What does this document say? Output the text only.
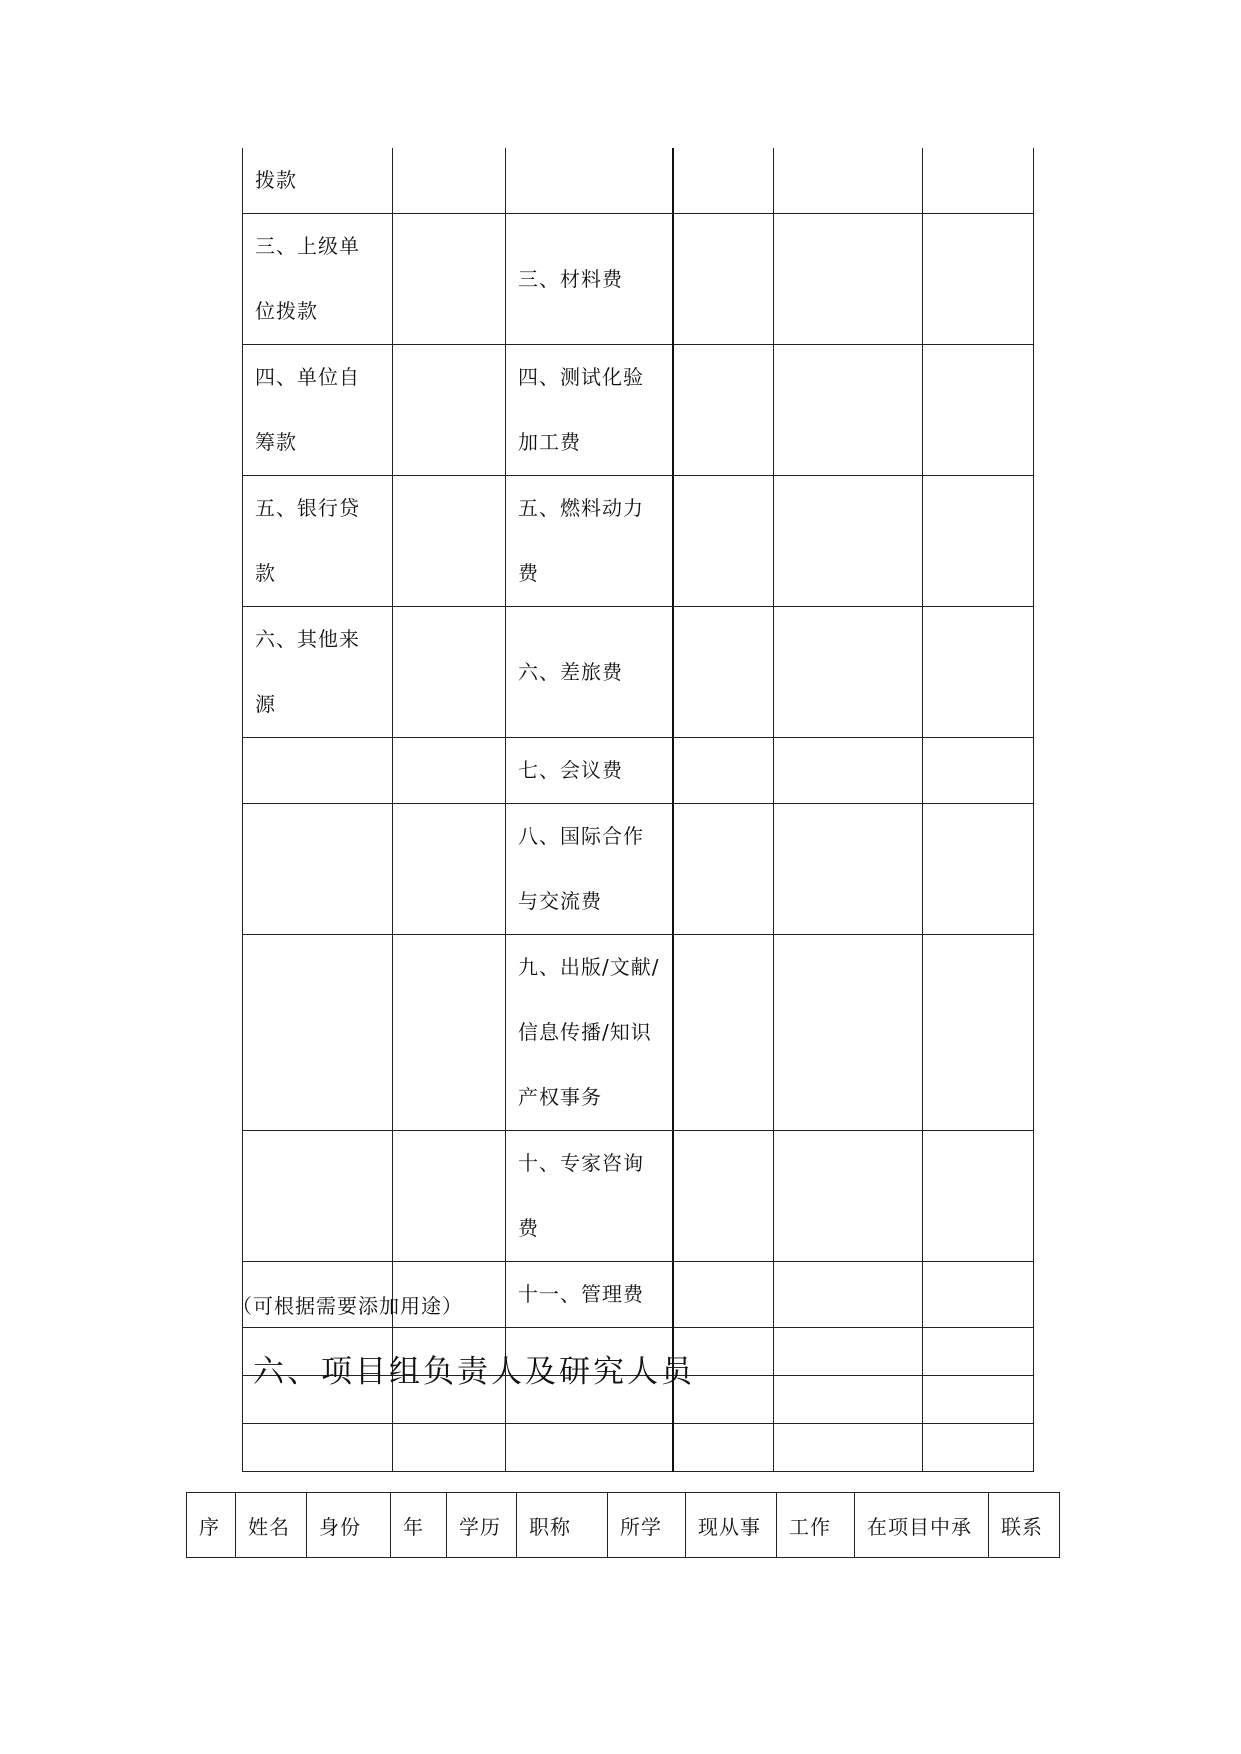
拨款					
三、上级单位拨款		三、材料费			
四、单位自筹款		四、测试化验加工费			
五、银行贷款		五、燃料动力费			
六、其他来源		六、差旅费			
		七、会议费			
		八、国际合作与交流费			
		九、出版/文献/信息传播/知识产权事务			
		十、专家咨询费			
		十一、管理费			

（可根据需要添加用途）
六、项目组负责人及研究人员
序	姓名	身份	年	学历	职称	所学	现从事	工作	在项目中承	联系
